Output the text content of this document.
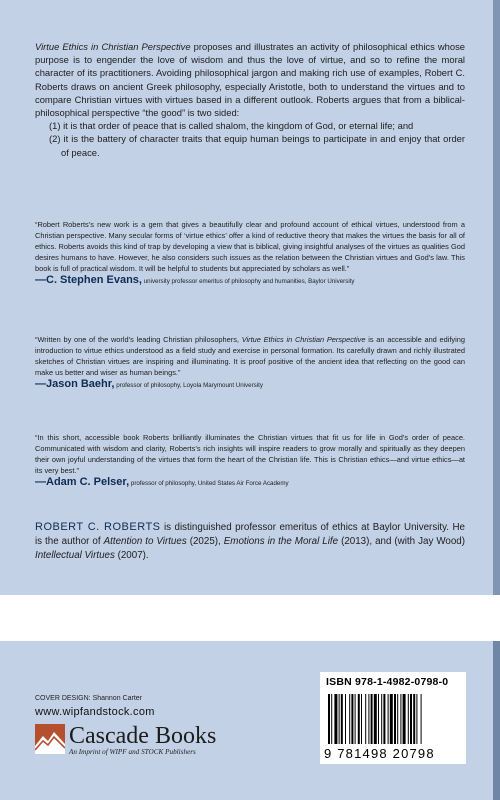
Virtue Ethics in Christian Perspective proposes and illustrates an activity of philosophical ethics whose purpose is to engender the love of wisdom and thus the love of virtue, and so to refine the moral character of its practitioners. Avoiding philosophical jargon and making rich use of examples, Robert C. Roberts draws on ancient Greek philosophy, especially Aristotle, both to understand the virtues and to compare Christian virtues with virtues based in a different outlook. Roberts argues that from a biblical-philosophical perspective “the good” is two sided:

(1) it is that order of peace that is called shalom, the kingdom of God, or eternal life; and
(2) it is the battery of character traits that equip human beings to participate in and enjoy that order of peace.

“Robert Roberts’s new work is a gem that gives a beautifully clear and profound account of ethical virtues, understood from a Christian perspective. Many secular forms of ‘virtue ethics’ offer a kind of reductive theory that makes the virtues the basis for all of ethics. Roberts avoids this kind of trap by developing a view that is biblical, giving insightful analyses of the virtues as qualities God desires humans to have. However, he also considers such issues as the relation between the Christian virtues and God’s law. This book is full of practical wisdom. It will be helpful to students but appreciated by scholars as well.”

—C. Stephen Evans, university professor emeritus of philosophy and humanities, Baylor University

“Written by one of the world’s leading Christian philosophers, Virtue Ethics in Christian Perspective is an accessible and edifying introduction to virtue ethics understood as a field study and exercise in personal formation. Its carefully drawn and richly illustrated sketches of Christian virtues are inspiring and illuminating. It is proof positive of the ancient idea that reflecting on the good can make us better and wiser as human beings.”

—Jason Baehr, professor of philosophy, Loyola Marymount University

“In this short, accessible book Roberts brilliantly illuminates the Christian virtues that fit us for life in God’s order of peace. Communicated with wisdom and clarity, Roberts’s rich insights will inspire readers to grow morally and spiritually as they deepen their own joyful understanding of the virtues that form the heart of the Christian life. This is Christian ethics—and virtue ethics—at its very best.”

—Adam C. Pelser, professor of philosophy, United States Air Force Academy
ROBERT C. ROBERTS is distinguished professor emeritus of ethics at Baylor University. He is the author of Attention to Virtues (2025), Emotions in the Moral Life (2013), and (with Jay Wood) Intellectual Virtues (2007).
COVER DESIGN: Shannon Carter
www.wipfandstock.com
Cascade Books
An Imprint of WIPF and STOCK Publishers
ISBN 978-1-4982-0798-0
9 781498 20798
